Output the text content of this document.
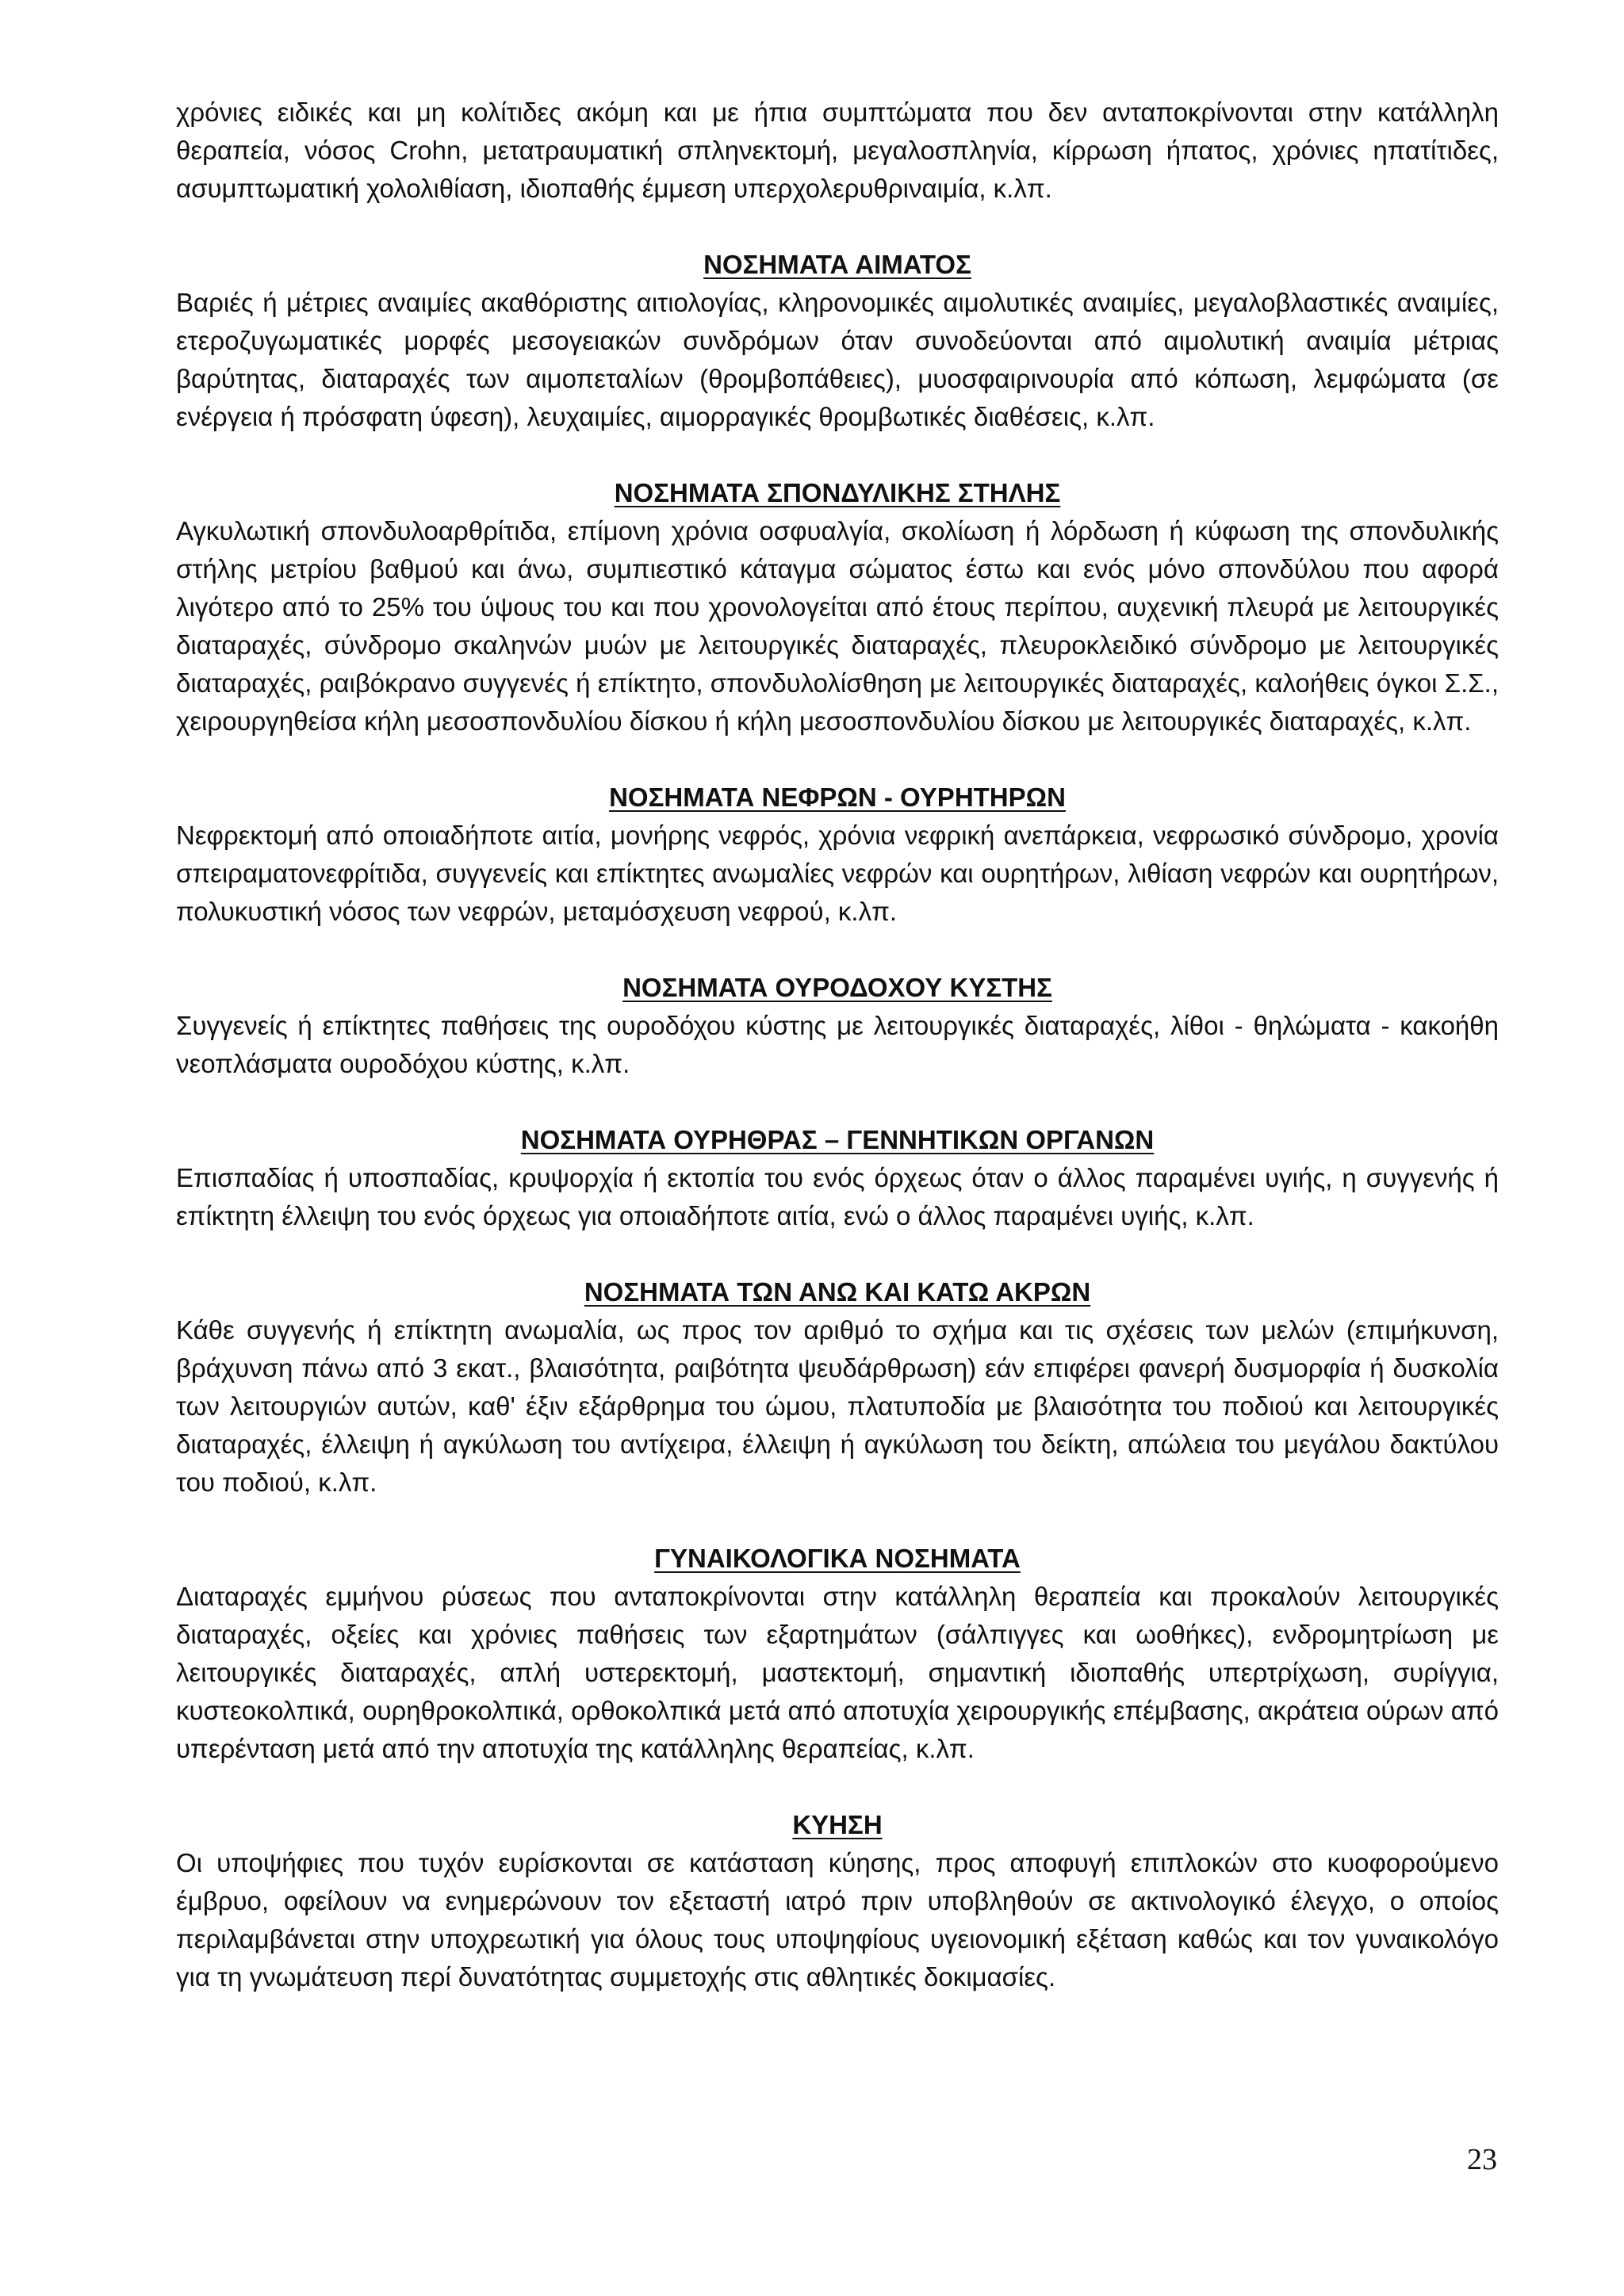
χρόνιες ειδικές και μη κολίτιδες ακόμη και με ήπια συμπτώματα που δεν ανταποκρίνονται στην κατάλληλη θεραπεία, νόσος Crohn, μετατραυματική σπληνεκτομή, μεγαλοσπληνία, κίρρωση ήπατος, χρόνιες ηπατίτιδες, ασυμπτωματική χολολιθίαση, ιδιοπαθής έμμεση υπερχολερυθριναιμία, κ.λπ.

ΝΟΣΗΜΑΤΑ ΑΙΜΑΤΟΣ

Βαριές ή μέτριες αναιμίες ακαθόριστης αιτιολογίας, κληρονομικές αιμολυτικές αναιμίες, μεγαλοβλαστικές αναιμίες, ετεροζυγωματικές μορφές μεσογειακών συνδρόμων όταν συνοδεύονται από αιμολυτική αναιμία μέτριας βαρύτητας, διαταραχές των αιμοπεταλίων (θρομβοπάθειες), μυοσφαιρινουρία από κόπωση, λεμφώματα (σε ενέργεια ή πρόσφατη ύφεση), λευχαιμίες, αιμορραγικές θρομβωτικές διαθέσεις, κ.λπ.

ΝΟΣΗΜΑΤΑ ΣΠΟΝΔΥΛΙΚΗΣ ΣΤΗΛΗΣ

Αγκυλωτική σπονδυλοαρθρίτιδα, επίμονη χρόνια οσφυαλγία, σκολίωση ή λόρδωση ή κύφωση της σπονδυλικής στήλης μετρίου βαθμού και άνω, συμπιεστικό κάταγμα σώματος έστω και ενός μόνο σπονδύλου που αφορά λιγότερο από το 25% του ύψους του και που χρονολογείται από έτους περίπου, αυχενική πλευρά με λειτουργικές διαταραχές, σύνδρομο σκαληνών μυών με λειτουργικές διαταραχές, πλευροκλειδικό σύνδρομο με λειτουργικές διαταραχές, ραιβόκρανο συγγενές ή επίκτητο, σπονδυλολίσθηση με λειτουργικές διαταραχές, καλοήθεις όγκοι Σ.Σ., χειρουργηθείσα κήλη μεσοσπονδυλίου δίσκου ή κήλη μεσοσπονδυλίου δίσκου με λειτουργικές διαταραχές, κ.λπ.

ΝΟΣΗΜΑΤΑ ΝΕΦΡΩΝ - ΟΥΡΗΤΗΡΩΝ

Νεφρεκτομή από οποιαδήποτε αιτία, μονήρης νεφρός, χρόνια νεφρική ανεπάρκεια, νεφρωσικό σύνδρομο, χρονία σπειραματονεφρίτιδα, συγγενείς και επίκτητες ανωμαλίες νεφρών και ουρητήρων, λιθίαση νεφρών και ουρητήρων, πολυκυστική νόσος των νεφρών, μεταμόσχευση νεφρού, κ.λπ.

ΝΟΣΗΜΑΤΑ ΟΥΡΟΔΟΧΟΥ ΚΥΣΤΗΣ

Συγγενείς ή επίκτητες παθήσεις της ουροδόχου κύστης με λειτουργικές διαταραχές, λίθοι - θηλώματα - κακοήθη νεοπλάσματα ουροδόχου κύστης, κ.λπ.

ΝΟΣΗΜΑΤΑ ΟΥΡΗΘΡΑΣ – ΓΕΝΝΗΤΙΚΩΝ ΟΡΓΑΝΩΝ

Επισπαδίας ή υποσπαδίας, κρυψορχία ή εκτοπία του ενός όρχεως όταν ο άλλος παραμένει υγιής, η συγγενής ή επίκτητη έλλειψη του ενός όρχεως για οποιαδήποτε αιτία, ενώ ο άλλος παραμένει υγιής, κ.λπ.

ΝΟΣΗΜΑΤΑ ΤΩΝ ΑΝΩ ΚΑΙ ΚΑΤΩ ΑΚΡΩΝ

Κάθε συγγενής ή επίκτητη ανωμαλία, ως προς τον αριθμό το σχήμα και τις σχέσεις των μελών (επιμήκυνση, βράχυνση πάνω από 3 εκατ., βλαισότητα, ραιβότητα ψευδάρθρωση) εάν επιφέρει φανερή δυσμορφία ή δυσκολία των λειτουργιών αυτών, καθ' έξιν εξάρθρημα του ώμου, πλατυποδία με βλαισότητα του ποδιού και λειτουργικές διαταραχές, έλλειψη ή αγκύλωση του αντίχειρα, έλλειψη ή αγκύλωση του δείκτη, απώλεια του μεγάλου δακτύλου του ποδιού, κ.λπ.

ΓΥΝΑΙΚΟΛΟΓΙΚΑ ΝΟΣΗΜΑΤΑ

Διαταραχές εμμήνου ρύσεως που ανταποκρίνονται στην κατάλληλη θεραπεία και προκαλούν λειτουργικές διαταραχές, οξείες και χρόνιες παθήσεις των εξαρτημάτων (σάλπιγγες και ωοθήκες), ενδρομητρίωση με λειτουργικές διαταραχές, απλή υστερεκτομή, μαστεκτομή, σημαντική ιδιοπαθής υπερτρίχωση, συρίγγια, κυστεοκολπικά, ουρηθροκολπικά, ορθοκολπικά μετά από αποτυχία χειρουργικής επέμβασης, ακράτεια ούρων από υπερένταση μετά από την αποτυχία της κατάλληλης θεραπείας, κ.λπ.

ΚΥΗΣΗ

Οι υποψήφιες που τυχόν ευρίσκονται σε κατάσταση κύησης, προς αποφυγή επιπλοκών στο κυοφορούμενο έμβρυο, οφείλουν να ενημερώνουν τον εξεταστή ιατρό πριν υποβληθούν σε ακτινολογικό έλεγχο, ο οποίος περιλαμβάνεται στην υποχρεωτική για όλους τους υποψηφίους υγειονομική εξέταση καθώς και τον γυναικολόγο για τη γνωμάτευση περί δυνατότητας συμμετοχής στις αθλητικές δοκιμασίες.

23
